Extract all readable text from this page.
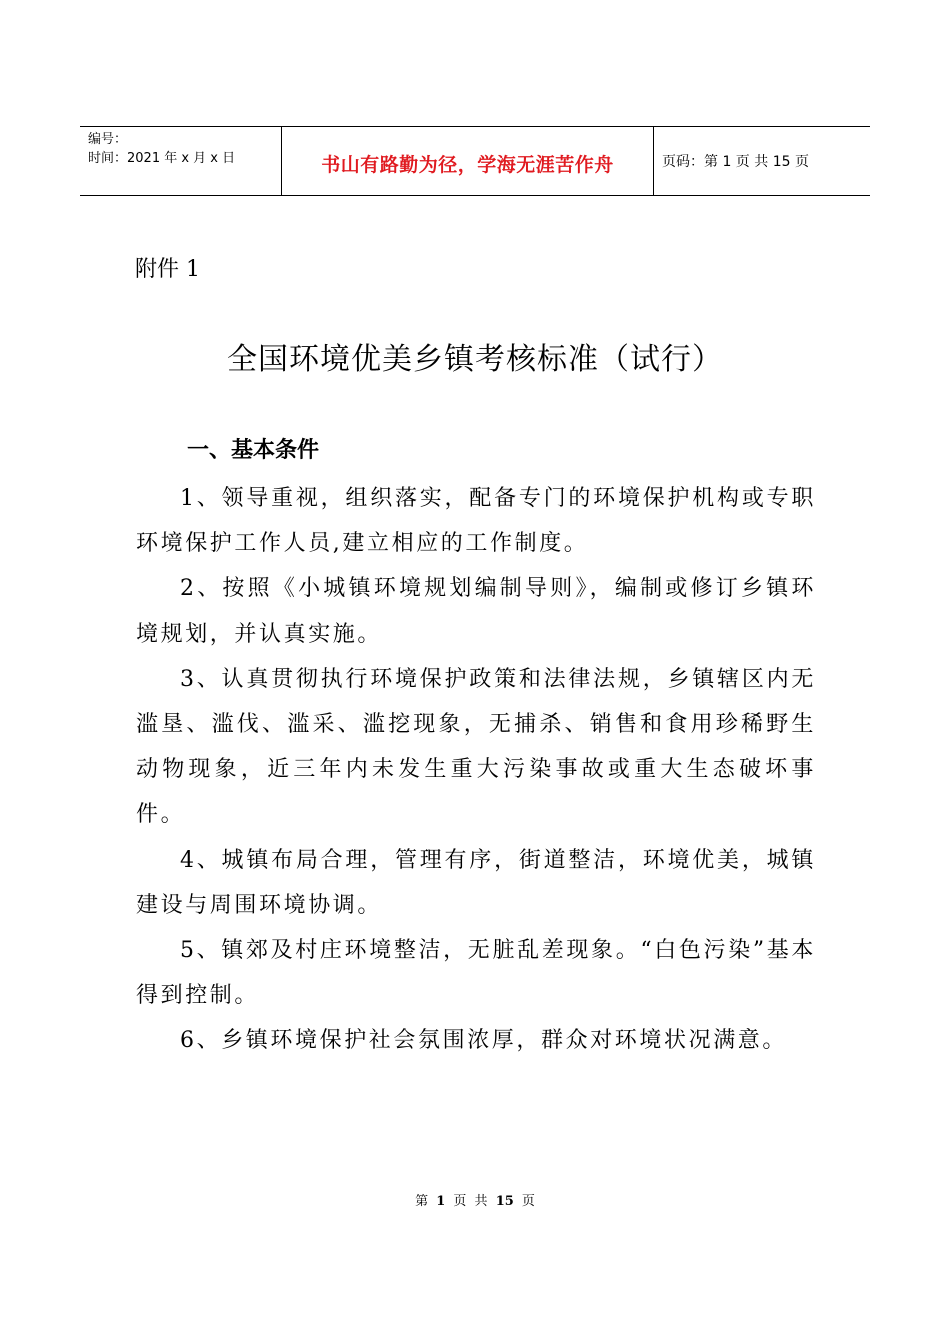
编号：
时间：2021 年 x 月 x 日	书山有路勤为径，学海无涯苦作舟	页码：第 1 页 共 15 页
附件 1
全国环境优美乡镇考核标准（试行）
一、基本条件

1、领导重视，组织落实，配备专门的环境保护机构或专职环境保护工作人员,建立相应的工作制度。

2、按照《小城镇环境规划编制导则》，编制或修订乡镇环境规划，并认真实施。

3、认真贯彻执行环境保护政策和法律法规，乡镇辖区内无滥垦、滥伐、滥采、滥挖现象，无捕杀、销售和食用珍稀野生动物现象，近三年内未发生重大污染事故或重大生态破坏事件。

4、城镇布局合理，管理有序，街道整洁，环境优美，城镇建设与周围环境协调。

5、镇郊及村庄环境整洁，无脏乱差现象。“白色污染”基本得到控制。

6、乡镇环境保护社会氛围浓厚，群众对环境状况满意。

第 1 页 共 15 页
